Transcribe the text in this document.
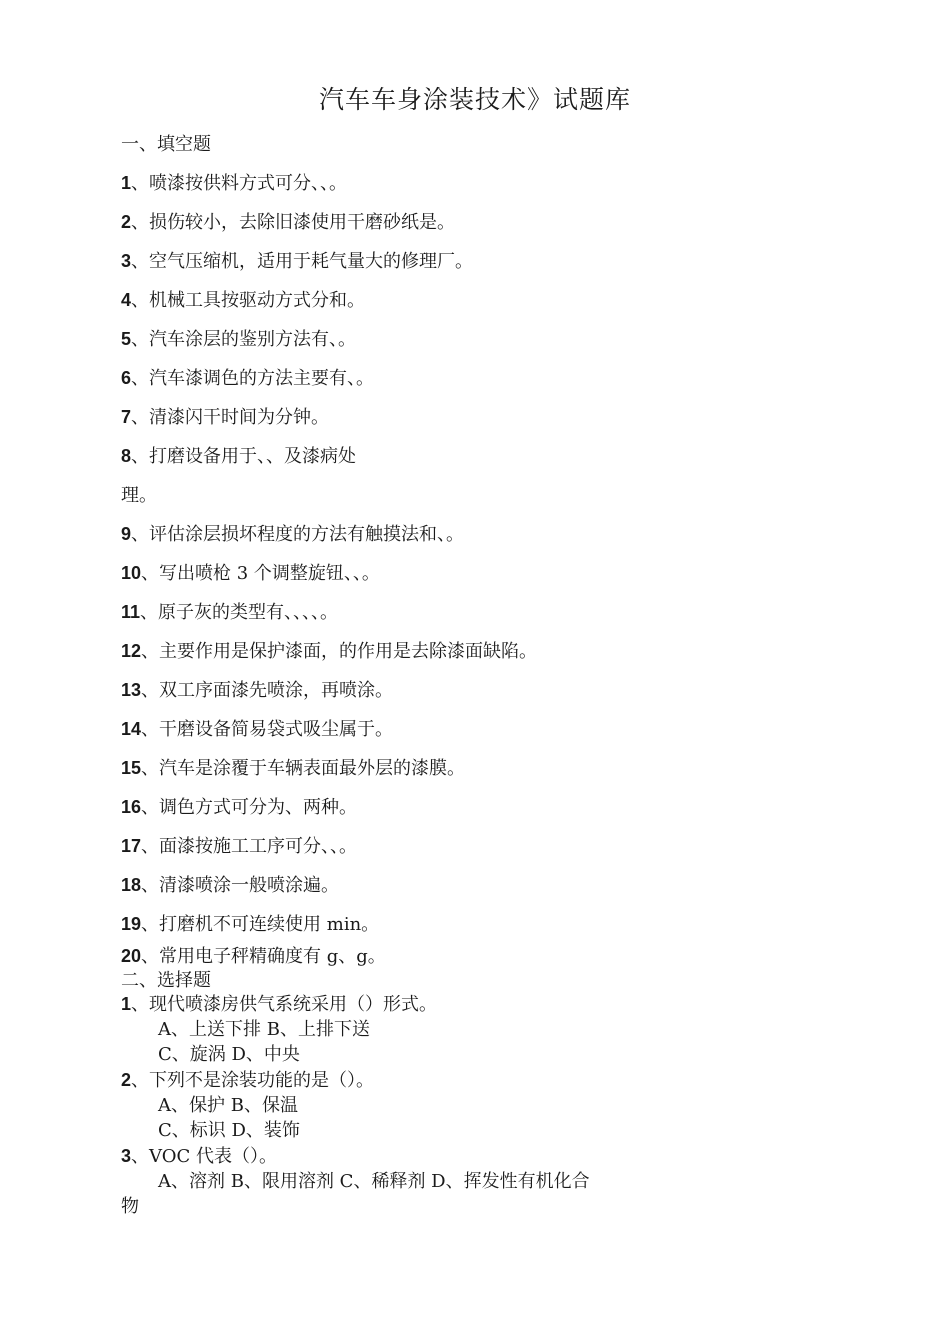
汽车车身涂装技术》试题库
一、填空题
1、喷漆按供料方式可分、、。
2、损伤较小，去除旧漆使用干磨砂纸是。
3、空气压缩机，适用于耗气量大的修理厂。
4、机械工具按驱动方式分和。
5、汽车涂层的鉴别方法有、。
6、汽车漆调色的方法主要有、。
7、清漆闪干时间为分钟。
8、打磨设备用于、、及漆病处
理。
9、评估涂层损坏程度的方法有触摸法和、。
10、写出喷枪 3 个调整旋钮、、。
11、原子灰的类型有、、、、。
12、主要作用是保护漆面，的作用是去除漆面缺陷。
13、双工序面漆先喷涂，再喷涂。
14、干磨设备简易袋式吸尘属于。
15、汽车是涂覆于车辆表面最外层的漆膜。
16、调色方式可分为、两种。
17、面漆按施工工序可分、、。
18、清漆喷涂一般喷涂遍。
19、打磨机不可连续使用 min。
20、常用电子秤精确度有 g、g。
二、选择题
1、现代喷漆房供气系统采用（）形式。
A、上送下排 B、上排下送
C、旋涡 D、中央
2、下列不是涂装功能的是（）。
A、保护 B、保温
C、标识 D、装饰
3、VOC 代表（）。
A、溶剂 B、限用溶剂 C、稀释剂 D、挥发性有机化合
物
